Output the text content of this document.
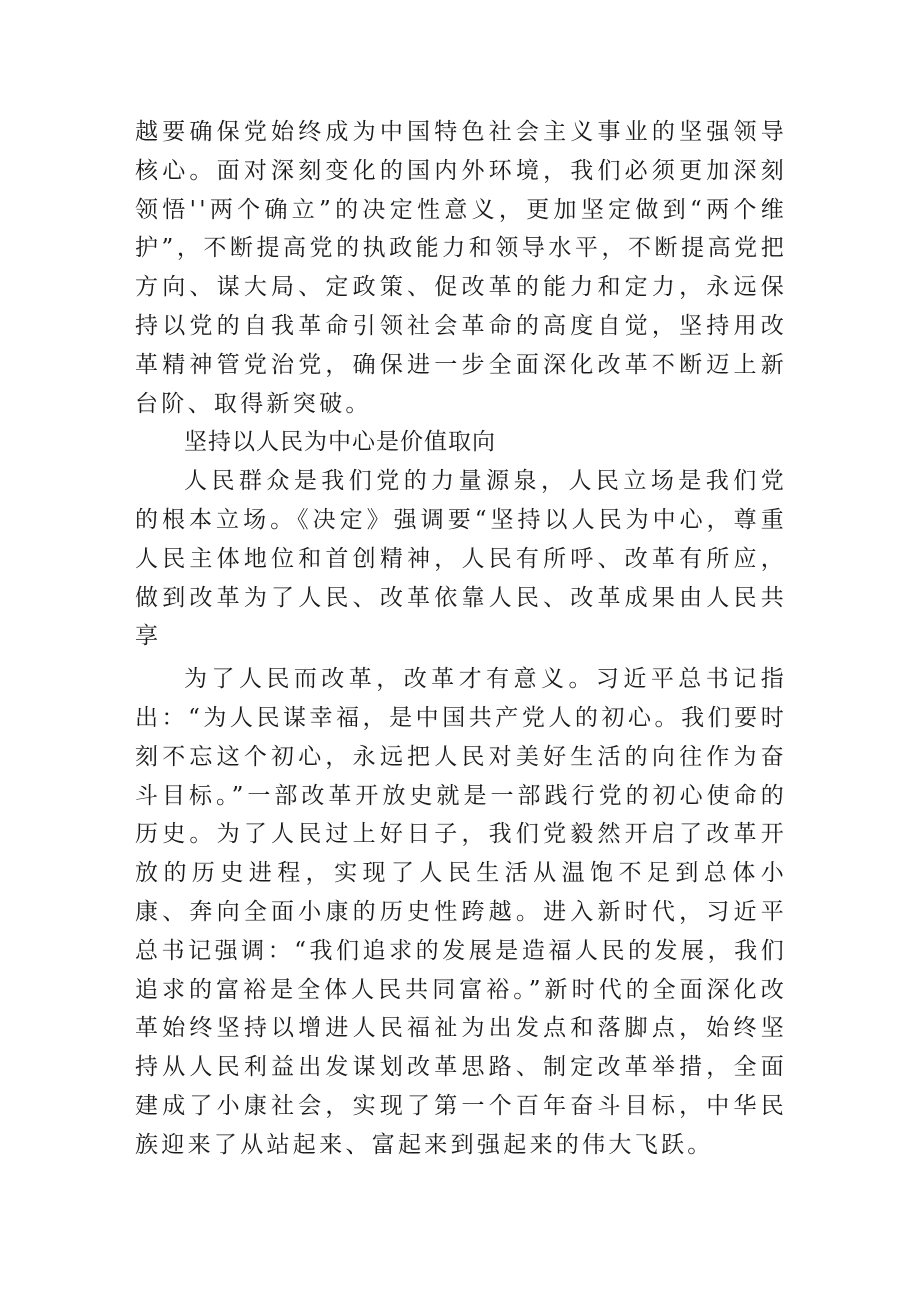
越要确保党始终成为中国特色社会主义事业的坚强领导核心。面对深刻变化的国内外环境，我们必须更加深刻领悟''两个确立”的决定性意义，更加坚定做到“两个维护”，不断提高党的执政能力和领导水平，不断提高党把方向、谋大局、定政策、促改革的能力和定力，永远保持以党的自我革命引领社会革命的高度自觉，坚持用改革精神管党治党，确保进一步全面深化改革不断迈上新台阶、取得新突破。

坚持以人民为中心是价值取向

人民群众是我们党的力量源泉，人民立场是我们党的根本立场。《决定》强调要“坚持以人民为中心，尊重人民主体地位和首创精神，人民有所呼、改革有所应，做到改革为了人民、改革依靠人民、改革成果由人民共享

为了人民而改革，改革才有意义。习近平总书记指出：“为人民谋幸福，是中国共产党人的初心。我们要时刻不忘这个初心，永远把人民对美好生活的向往作为奋斗目标。”一部改革开放史就是一部践行党的初心使命的历史。为了人民过上好日子，我们党毅然开启了改革开放的历史进程，实现了人民生活从温饱不足到总体小康、奔向全面小康的历史性跨越。进入新时代，习近平总书记强调：“我们追求的发展是造福人民的发展，我们追求的富裕是全体人民共同富裕。”新时代的全面深化改革始终坚持以增进人民福祉为出发点和落脚点，始终坚持从人民利益出发谋划改革思路、制定改革举措，全面建成了小康社会，实现了第一个百年奋斗目标，中华民族迎来了从站起来、富起来到强起来的伟大飞跃。
